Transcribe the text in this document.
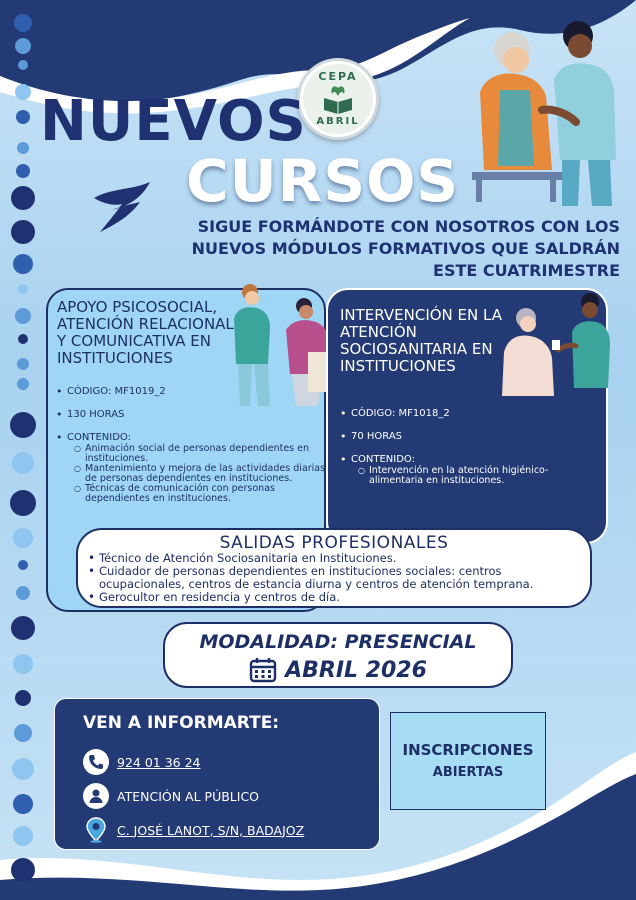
CEPA
ABRIL
NUEVOS
CURSOS
SIGUE FORMÁNDOTE CON NOSOTROS CON LOS NUEVOS MÓDULOS FORMATIVOS QUE SALDRÁN ESTE CUATRIMESTRE
APOYO PSICOSOCIAL, ATENCIÓN RELACIONAL Y COMUNICATIVA EN INSTITUCIONES
• CÓDIGO: MF1019_2
• 130 HORAS
• CONTENIDO:
○ Animación social de personas dependientes en instituciones.
○ Mantenimiento y mejora de las actividades diarias de personas dependientes en instituciones.
○ Técnicas de comunicación con personas dependientes en instituciones.
INTERVENCIÓN EN LA ATENCIÓN SOCIOSANITARIA EN INSTITUCIONES
• CÓDIGO: MF1018_2
• 70 HORAS
• CONTENIDO:
○ Intervención en la atención higiénico-alimentaria en instituciones.
SALIDAS PROFESIONALES
• Técnico de Atención Sociosanitaria en Instituciones.
• Cuidador de personas dependientes en instituciones sociales: centros ocupacionales, centros de estancia diurna y centros de atención temprana.
• Gerocultor en residencia y centros de día.
MODALIDAD: PRESENCIAL
ABRIL 2026
VEN A INFORMARTE:
924 01 36 24
ATENCIÓN AL PÚBLICO
C. JOSÉ LANOT, S/N, BADAJOZ
INSCRIPCIONES
ABIERTAS
